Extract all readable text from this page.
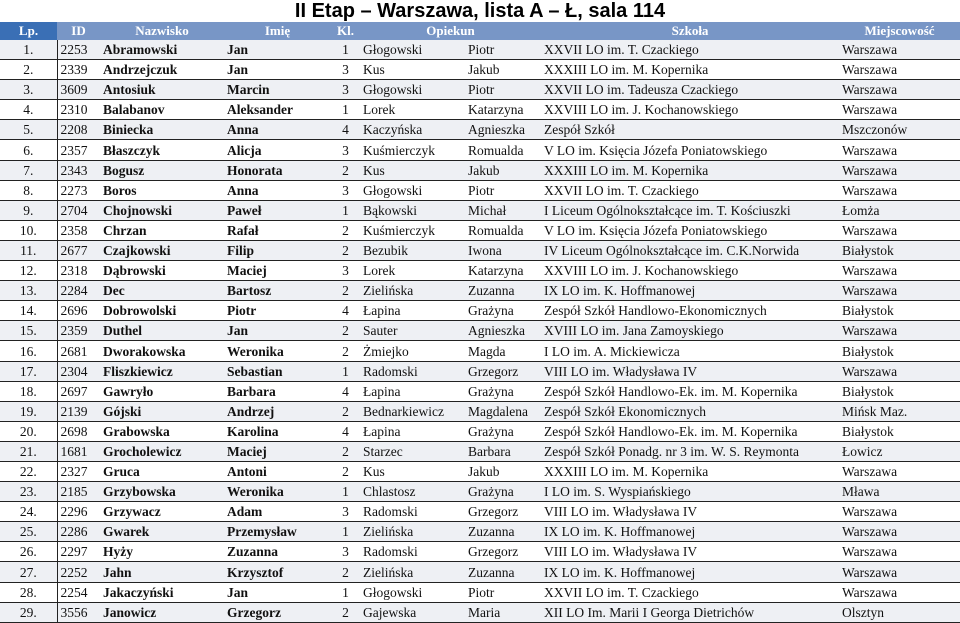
II Etap – Warszawa, lista A – Ł, sala 114
Lp.	ID	Nazwisko	Imię	Kl.	Opiekun		Szkoła	Miejscowość
1.	2253	Abramowski	Jan	1	Głogowski	Piotr	XXVII LO im. T. Czackiego	Warszawa
2.	2339	Andrzejczuk	Jan	3	Kus	Jakub	XXXIII LO im. M. Kopernika	Warszawa
3.	3609	Antosiuk	Marcin	3	Głogowski	Piotr	XXVII LO im. Tadeusza Czackiego	Warszawa
4.	2310	Balabanov	Aleksander	1	Lorek	Katarzyna	XXVIII LO im. J. Kochanowskiego	Warszawa
5.	2208	Biniecka	Anna	4	Kaczyńska	Agnieszka	Zespół Szkół	Mszczonów
6.	2357	Błaszczyk	Alicja	3	Kuśmierczyk	Romualda	V LO im. Księcia Józefa Poniatowskiego	Warszawa
7.	2343	Bogusz	Honorata	2	Kus	Jakub	XXXIII LO im. M. Kopernika	Warszawa
8.	2273	Boros	Anna	3	Głogowski	Piotr	XXVII LO im. T. Czackiego	Warszawa
9.	2704	Chojnowski	Paweł	1	Bąkowski	Michał	I Liceum Ogólnokształcące im. T. Kościuszki	Łomża
10.	2358	Chrzan	Rafał	2	Kuśmierczyk	Romualda	V LO im. Księcia Józefa Poniatowskiego	Warszawa
11.	2677	Czajkowski	Filip	2	Bezubik	Iwona	IV Liceum Ogólnokształcące im. C.K.Norwida	Białystok
12.	2318	Dąbrowski	Maciej	3	Lorek	Katarzyna	XXVIII LO im. J. Kochanowskiego	Warszawa
13.	2284	Dec	Bartosz	2	Zielińska	Zuzanna	IX LO im. K. Hoffmanowej	Warszawa
14.	2696	Dobrowolski	Piotr	4	Łapina	Grażyna	Zespół Szkół Handlowo-Ekonomicznych	Białystok
15.	2359	Duthel	Jan	2	Sauter	Agnieszka	XVIII LO im. Jana Zamoyskiego	Warszawa
16.	2681	Dworakowska	Weronika	2	Żmiejko	Magda	I LO im. A. Mickiewicza	Białystok
17.	2304	Fliszkiewicz	Sebastian	1	Radomski	Grzegorz	VIII LO im. Władysława IV	Warszawa
18.	2697	Gawryło	Barbara	4	Łapina	Grażyna	Zespół Szkół Handlowo-Ek. im. M. Kopernika	Białystok
19.	2139	Gójski	Andrzej	2	Bednarkiewicz	Magdalena	Zespół Szkół Ekonomicznych	Mińsk Maz.
20.	2698	Grabowska	Karolina	4	Łapina	Grażyna	Zespół Szkół Handlowo-Ek. im. M. Kopernika	Białystok
21.	1681	Grocholewicz	Maciej	2	Starzec	Barbara	Zespół Szkół Ponadg. nr 3 im. W. S. Reymonta	Łowicz
22.	2327	Gruca	Antoni	2	Kus	Jakub	XXXIII LO im. M. Kopernika	Warszawa
23.	2185	Grzybowska	Weronika	1	Chlastosz	Grażyna	I LO im. S. Wyspiańskiego	Mława
24.	2296	Grzywacz	Adam	3	Radomski	Grzegorz	VIII LO im. Władysława IV	Warszawa
25.	2286	Gwarek	Przemysław	1	Zielińska	Zuzanna	IX LO im. K. Hoffmanowej	Warszawa
26.	2297	Hyży	Zuzanna	3	Radomski	Grzegorz	VIII LO im. Władysława IV	Warszawa
27.	2252	Jahn	Krzysztof	2	Zielińska	Zuzanna	IX LO im. K. Hoffmanowej	Warszawa
28.	2254	Jakaczyński	Jan	1	Głogowski	Piotr	XXVII LO im. T. Czackiego	Warszawa
29.	3556	Janowicz	Grzegorz	2	Gajewska	Maria	XII LO Im. Marii I Georga Dietrichów	Olsztyn
